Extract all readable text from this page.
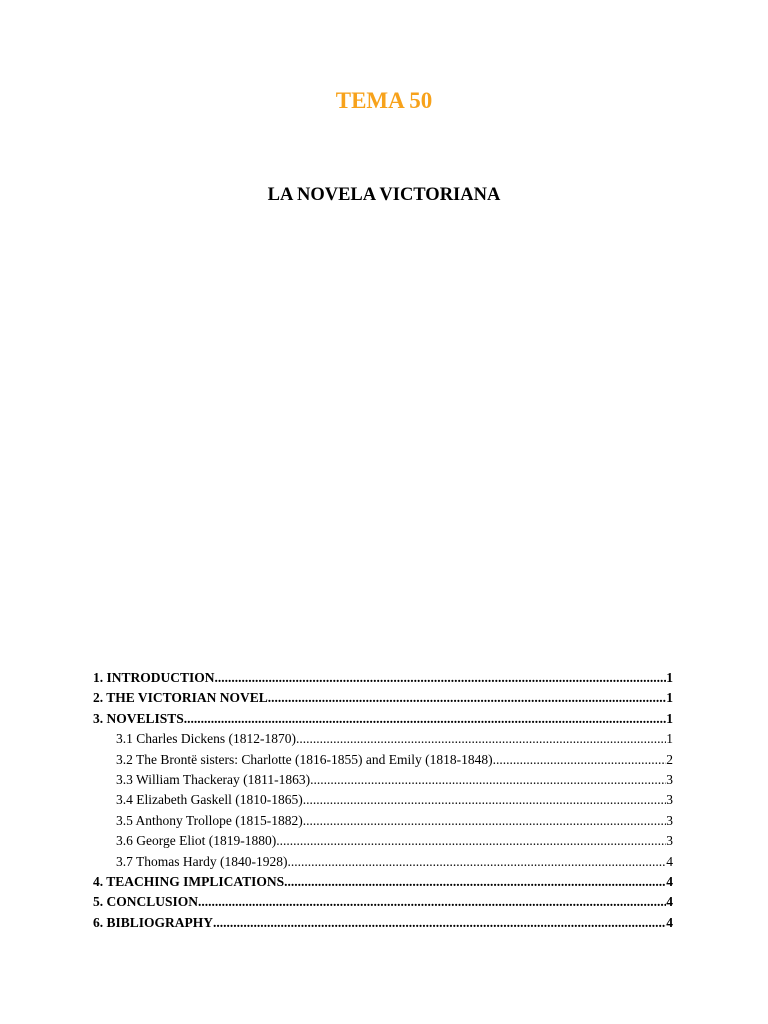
TEMA 50
LA NOVELA VICTORIANA
1. INTRODUCTION .....	1
2. THE VICTORIAN NOVEL .....	1
3. NOVELISTS .....	1
3.1 Charles Dickens (1812-1870) .....	1
3.2 The Brontë sisters: Charlotte (1816-1855) and Emily (1818-1848) .....	2
3.3 William Thackeray (1811-1863) .....	3
3.4 Elizabeth Gaskell (1810-1865) .....	3
3.5 Anthony Trollope (1815-1882) .....	3
3.6 George Eliot (1819-1880) .....	3
3.7 Thomas Hardy (1840-1928) .....	4
4. TEACHING IMPLICATIONS .....	4
5. CONCLUSION .....	4
6. BIBLIOGRAPHY .....	4
